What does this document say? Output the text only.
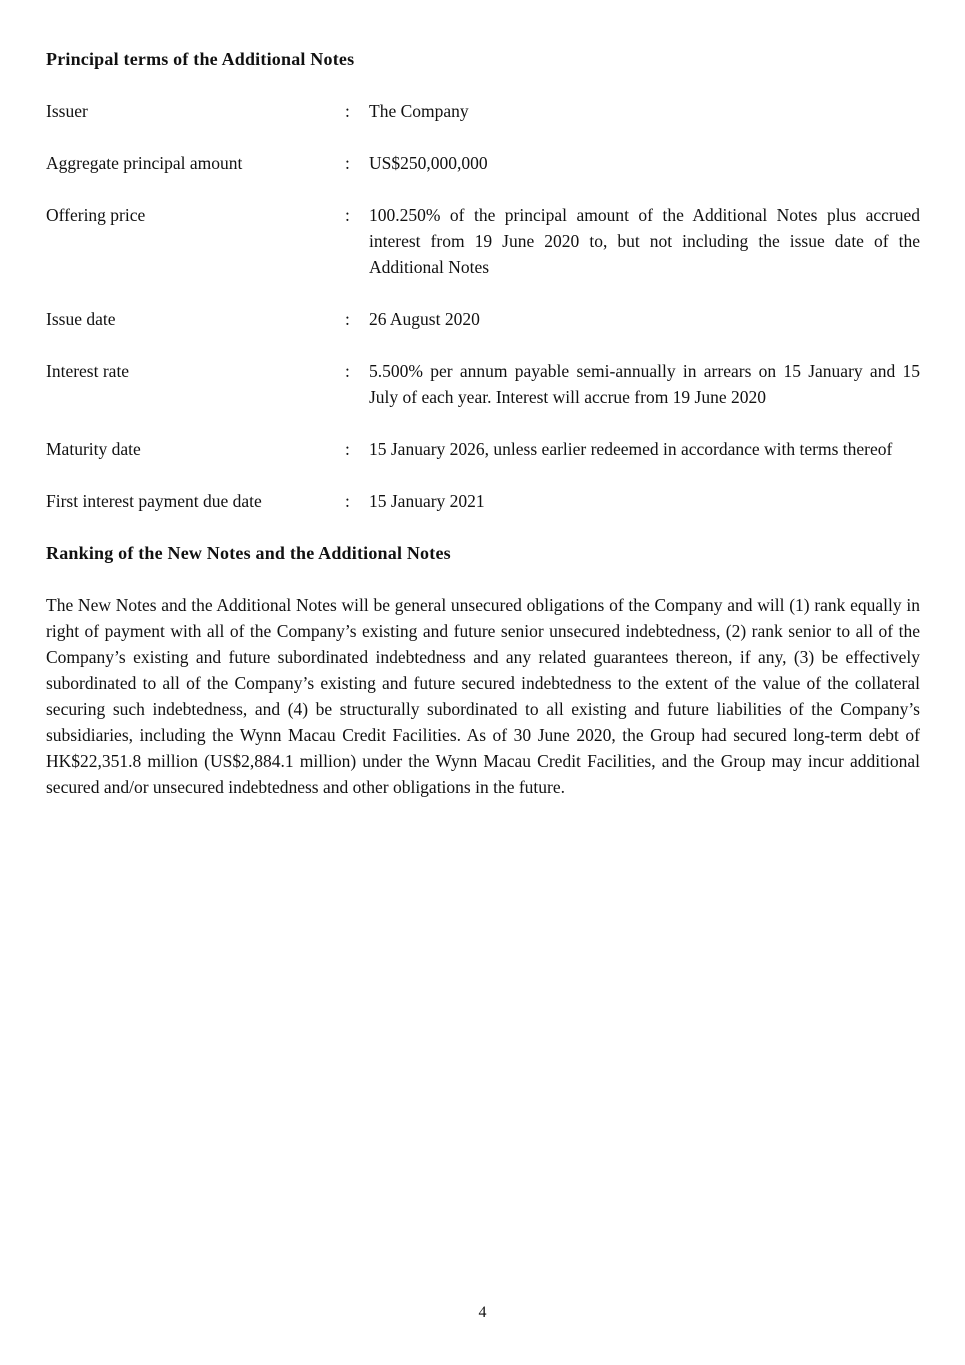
Principal terms of the Additional Notes
Issuer	:	The Company
Aggregate principal amount	:	US$250,000,000
Offering price	:	100.250% of the principal amount of the Additional Notes plus accrued interest from 19 June 2020 to, but not including the issue date of the Additional Notes
Issue date	:	26 August 2020
Interest rate	:	5.500% per annum payable semi-annually in arrears on 15 January and 15 July of each year. Interest will accrue from 19 June 2020
Maturity date	:	15 January 2026, unless earlier redeemed in accordance with terms thereof
First interest payment due date	:	15 January 2021
Ranking of the New Notes and the Additional Notes

The New Notes and the Additional Notes will be general unsecured obligations of the Company and will (1) rank equally in right of payment with all of the Company’s existing and future senior unsecured indebtedness, (2) rank senior to all of the Company’s existing and future subordinated indebtedness and any related guarantees thereon, if any, (3) be effectively subordinated to all of the Company’s existing and future secured indebtedness to the extent of the value of the collateral securing such indebtedness, and (4) be structurally subordinated to all existing and future liabilities of the Company’s subsidiaries, including the Wynn Macau Credit Facilities. As of 30 June 2020, the Group had secured long-term debt of HK$22,351.8 million (US$2,884.1 million) under the Wynn Macau Credit Facilities, and the Group may incur additional secured and/or unsecured indebtedness and other obligations in the future.

4
